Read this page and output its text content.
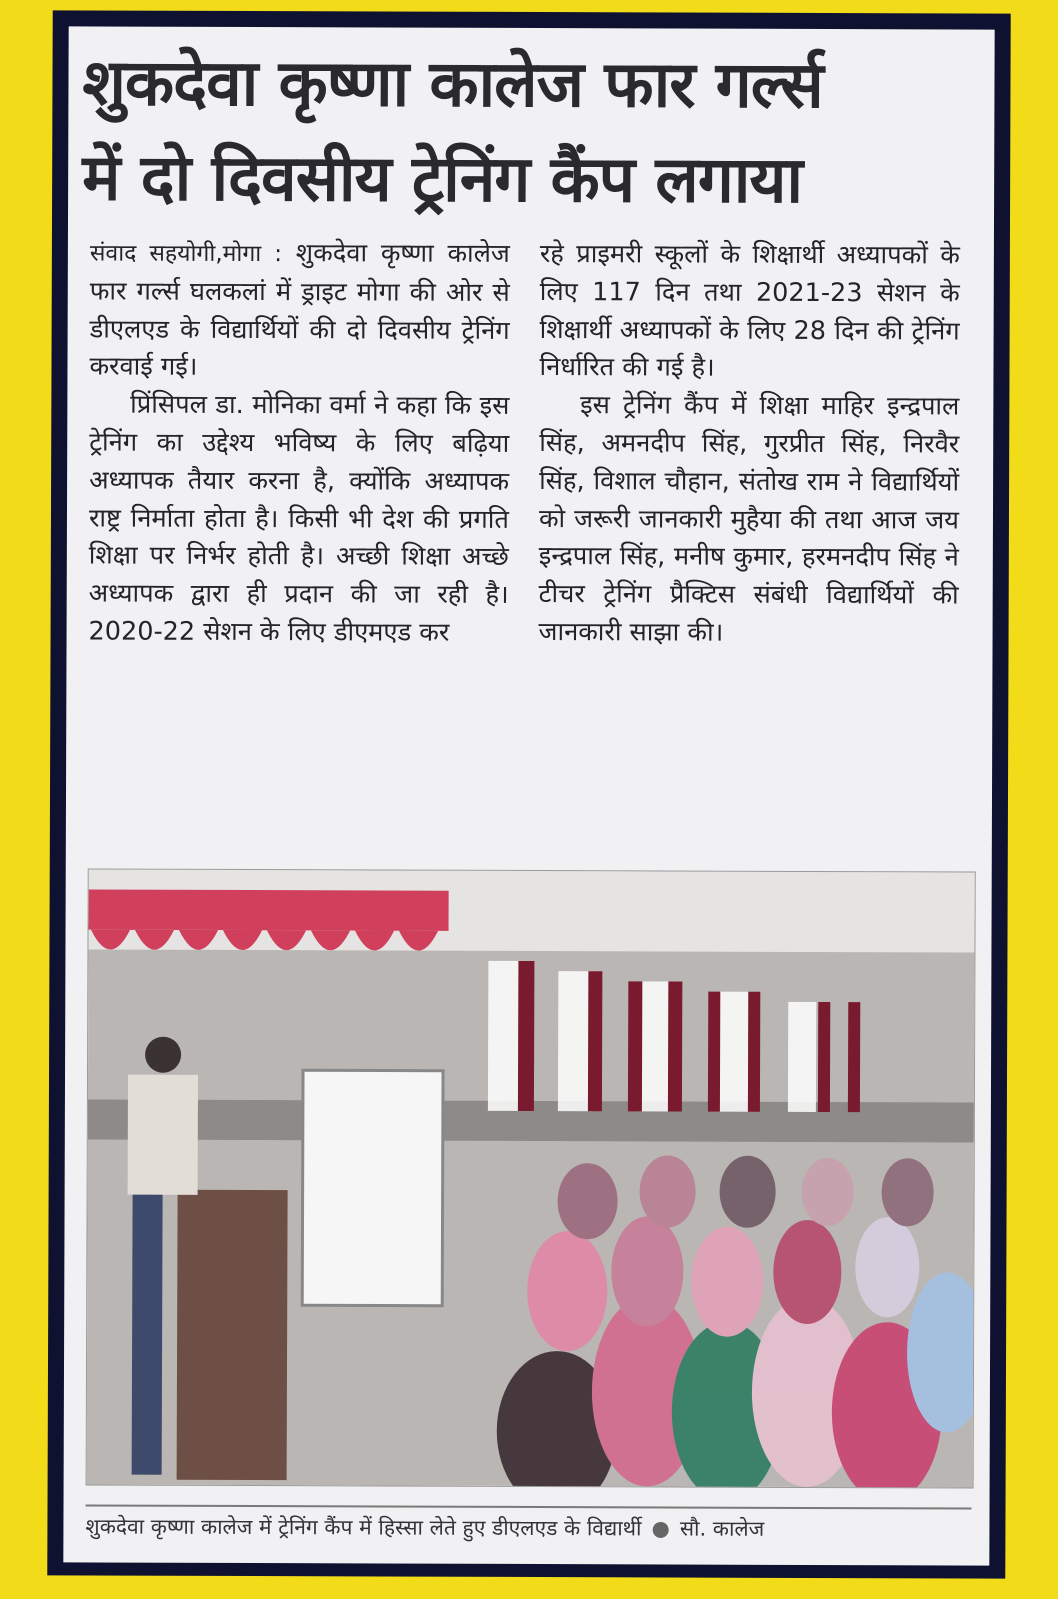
शुकदेवा कृष्णा कालेज फार गर्ल्स
में दो दिवसीय ट्रेनिंग कैंप लगाया

संवाद सहयोगी,मोगा : शुकदेवा कृष्णा कालेज फार गर्ल्स घलकलां में ड्राइट मोगा की ओर से डीएलएड के विद्यार्थियों की दो दिवसीय ट्रेनिंग करवाई गई।

प्रिंसिपल डा. मोनिका वर्मा ने कहा कि इस ट्रेनिंग का उद्देश्य भविष्य के लिए बढ़िया अध्यापक तैयार करना है, क्योंकि अध्यापक राष्ट्र निर्माता होता है। किसी भी देश की प्रगति शिक्षा पर निर्भर होती है। अच्छी शिक्षा अच्छे अध्यापक द्वारा ही प्रदान की जा रही है। 2020-22 सेशन के लिए डीएमएड कर

रहे प्राइमरी स्कूलों के शिक्षार्थी अध्यापकों के लिए 117 दिन तथा 2021-23 सेशन के शिक्षार्थी अध्यापकों के लिए 28 दिन की ट्रेनिंग निर्धारित की गई है।

इस ट्रेनिंग कैंप में शिक्षा माहिर इन्द्रपाल सिंह, अमनदीप सिंह, गुरप्रीत सिंह, निरवैर सिंह, विशाल चौहान, संतोख राम ने विद्यार्थियों को जरूरी जानकारी मुहैया की तथा आज जय इन्द्रपाल सिंह, मनीष कुमार, हरमनदीप सिंह ने टीचर ट्रेनिंग प्रैक्टिस संबंधी विद्यार्थियों की जानकारी साझा की।

शुकदेवा कृष्णा कालेज में ट्रेनिंग कैंप में हिस्सा लेते हुए डीएलएड के विद्यार्थी ● सौ. कालेज
